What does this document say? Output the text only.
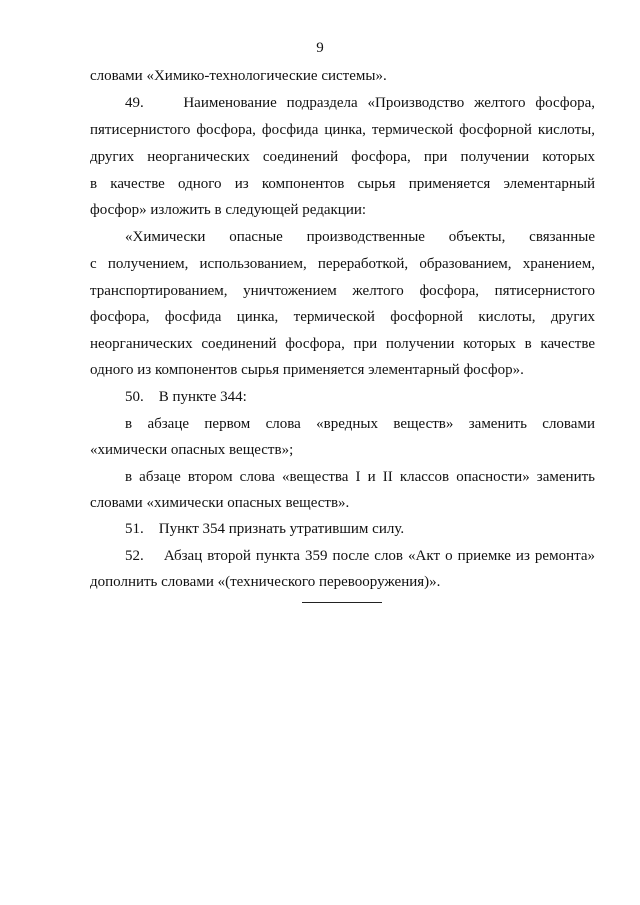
9
словами «Химико-технологические системы».
49.    Наименование подраздела «Производство желтого фосфора,
пятисернистого фосфора, фосфида цинка, термической фосфорной кислоты,
других неорганических соединений фосфора, при получении которых
в качестве одного из компонентов сырья применяется элементарный
фосфор» изложить в следующей редакции:
«Химически опасные производственные объекты, связанные
с получением, использованием, переработкой, образованием, хранением,
транспортированием, уничтожением желтого фосфора, пятисернистого
фосфора, фосфида цинка, термической фосфорной кислоты, других
неорганических соединений фосфора, при получении которых в качестве
одного из компонентов сырья применяется элементарный фосфор».
50.    В пункте 344:
в абзаце первом слова «вредных веществ» заменить словами
«химически опасных веществ»;
в абзаце втором слова «вещества I и II классов опасности» заменить
словами «химически опасных веществ».
51.    Пункт 354 признать утратившим силу.
52.    Абзац второй пункта 359 после слов «Акт о приемке из ремонта»
дополнить словами «(технического перевооружения)».
